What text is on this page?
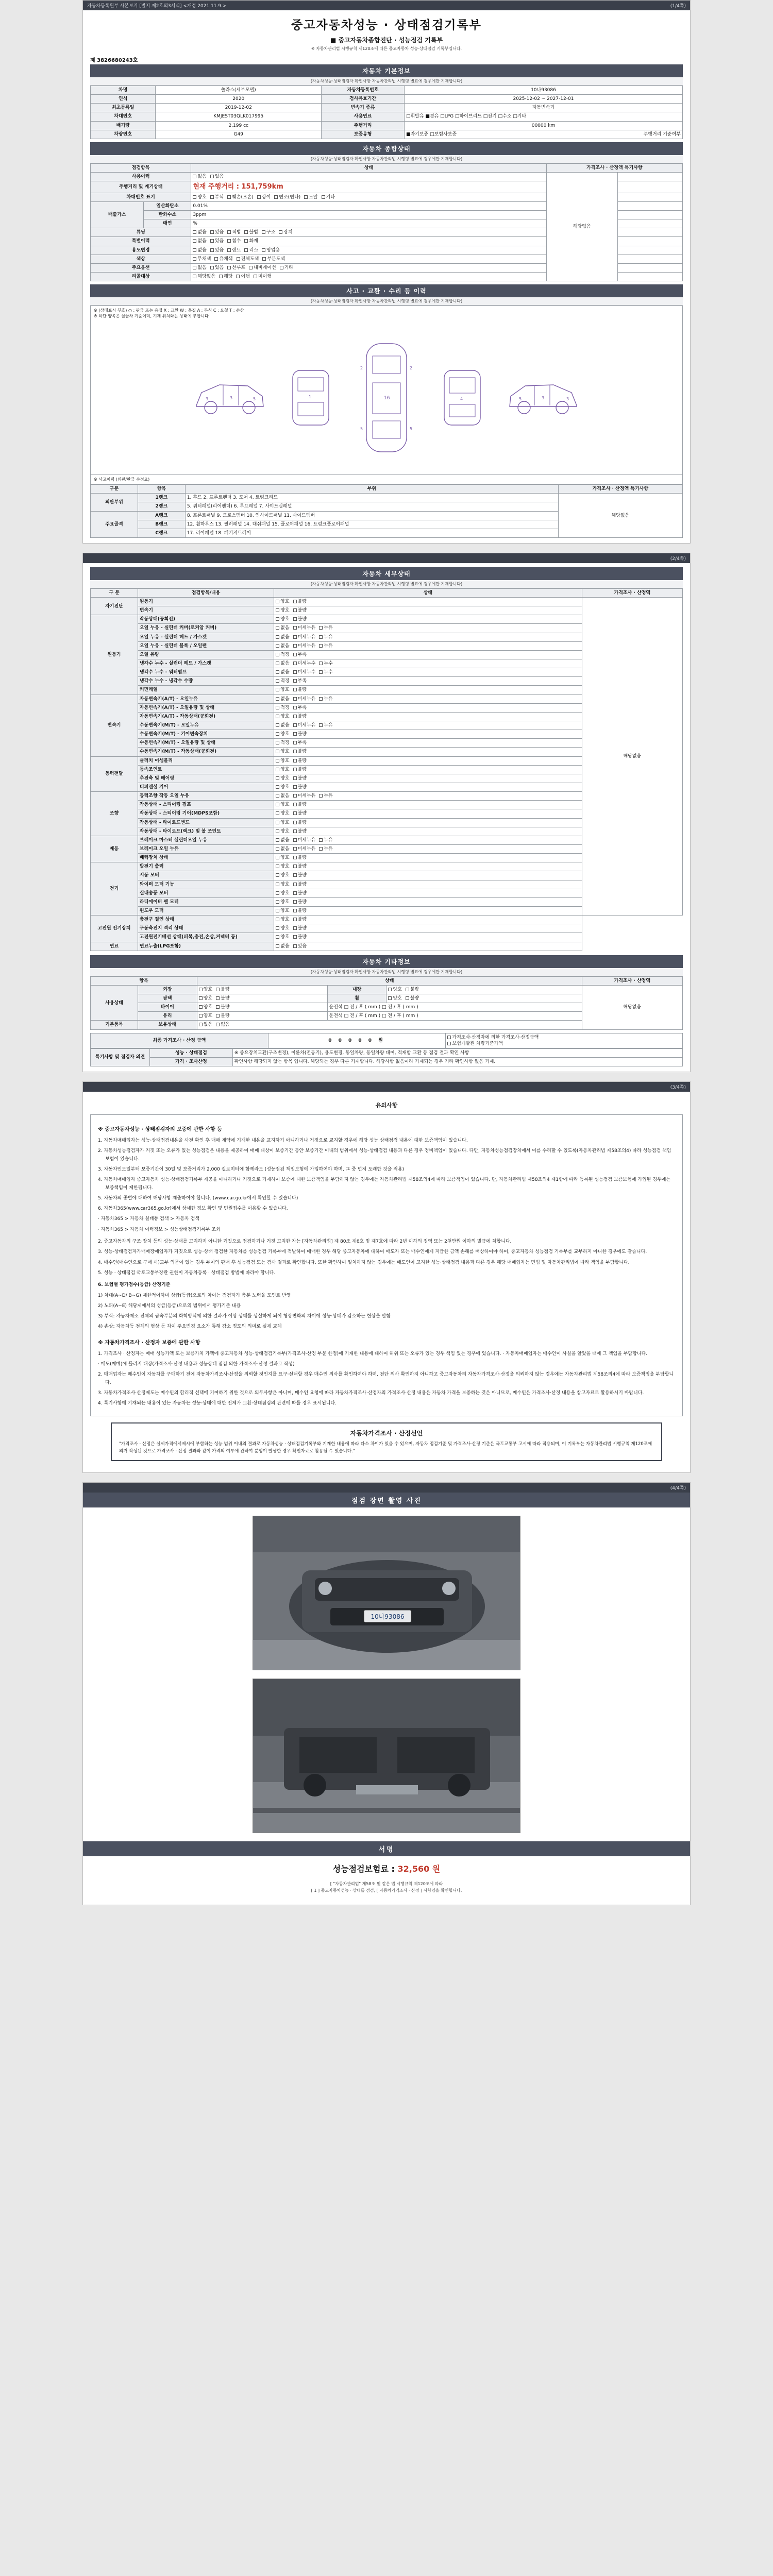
자동차등록원부 사본보기 [별지 제2호의3서식] <개정 2021.11.9.>	(1/4쪽)
중고자동차성능 · 상태점검기록부
■ 중고자동차종합진단 · 성능점검 기록부
※ 자동차관리법 시행규칙 제120조에 따른 중고자동차 성능·상태점검 기록부입니다.
제 3826680243호
자동차 기본정보
(자동차성능·상태점검자 확인사항 자동차관리법 시행령 별표에 경우에만 기재합니다)
차명	쏠라스(세부모델)	자동차등록번호	10나93086
연식	2020	검사유효기간	2025-12-02 ~ 2027-12-01
최초등록일	2019-12-02	변속기 종류	자동변속기
차대번호	KMJEST03QLK017995	사용연료	□휘발유 ■경유 □LPG □하이브리드 □전기 □수소 □기타
배기량	2,199 cc	주행거리	00000 km
차량번호	G49	보증유형	■자기보증 □보험사보증 주행거리 기준여부
자동차 종합상태
(자동차성능·상태점검자 확인사항 자동차관리법 시행령 별표에 경우에만 기재합니다)
점검항목		상태	가격조사 · 산정액 특기사항	
사용이력		없음 있음	해당없음	
주행거리 및 계기상태		현재 주행거리 : 151,759km		
차대번호 표기		양호 부식 훼손(오손) 상이 변조(변타) 도말 기타		
배출가스	일산화탄소	0.01%		
	탄화수소	3ppm		
	매연	%		
튜닝		없음 있음 적법 불법 구조 장치		
특별이력		없음 있음 침수 화재		
용도변경		없음 있음 렌트 리스 영업용		
색상		무채색 유채색 전체도색 부분도색		
주요옵션		없음 있음 선루프 내비게이션 기타		
리콜대상		해당없음 해당 이행 미이행		
사고 · 교환 · 수리 등 이력
(자동차성능·상태점검자 확인사항 자동차관리법 시행령 별표에 경우에만 기재합니다)
※ (상태표시 부호) ○ : 판금 또는 용접 X : 교환 W : 흠집 A : 부식 C : 요철 T : 손상
※ 하단 양쪽은 실물차 기준이며, 기재 위치와는 상태에 부합니다
3	3	5	1	16
2	2
5	5
4	3
3
5
※ 사고이력 (외판/판금 수정요)
구분	항목	부위	가격조사 · 산정액 특기사항
외판부위	1랭크	1. 후드 2. 프론트펜더 3. 도어 4. 트렁크리드	해당없음
	2랭크	5. 쿼터패널(리어펜더) 6. 루프패널 7. 사이드실패널	
주요골격	A랭크	8. 프론트패널 9. 크로스멤버 10. 인사이드패널 11. 사이드멤버	
	B랭크	12. 휠하우스 13. 필러패널 14. 대쉬패널 15. 플로어패널 16. 트렁크플로어패널	
	C랭크	17. 리어패널 18. 패키지트레이	
(2/4쪽)
자동차 세부상태
(자동차성능·상태점검자 확인사항 자동차관리법 시행령 별표에 경우에만 기재합니다)
구 분	점검항목/내용	상태	가격조사 · 산정액
자기진단	원동기	양호 불량	해당없음
	변속기	양호 불량	
원동기	작동상태(공회전)	양호 불량	
	오일 누유 - 실린더 커버(로커암 커버)	없음 미세누유 누유	
	오일 누유 - 실린더 헤드 / 가스켓	없음 미세누유 누유	
	오일 누유 - 실린더 블록 / 오일팬	없음 미세누유 누유	
	오일 유량	적정 부족	
	냉각수 누수 - 실린더 헤드 / 가스켓	없음 미세누수 누수	
	냉각수 누수 - 워터펌프	없음 미세누수 누수	
	냉각수 누수 - 냉각수 수량	적정 부족	
	커먼레일	양호 불량	
변속기	자동변속기(A/T) - 오일누유	없음 미세누유 누유	
	자동변속기(A/T) - 오일유량 및 상태	적정 부족	
	자동변속기(A/T) - 작동상태(공회전)	양호 불량	
	수동변속기(M/T) - 오일누유	없음 미세누유 누유	
	수동변속기(M/T) - 기어변속장치	양호 불량	
	수동변속기(M/T) - 오일유량 및 상태	적정 부족	
	수동변속기(M/T) - 작동상태(공회전)	양호 불량	
동력전달	클러치 어셈블리	양호 불량	
	등속조인트	양호 불량	
	추진축 및 베어링	양호 불량	
	디퍼렌셜 기어	양호 불량	
조향	동력조향 작동 오일 누유	없음 미세누유 누유	
	작동상태 - 스티어링 펌프	양호 불량	
	작동상태 - 스티어링 기어(MDPS포함)	양호 불량	
	작동상태 - 타이로드엔드	양호 불량	
	작동상태 - 타이로드(랙크) 및 볼 조인트	양호 불량	
제동	브레이크 마스터 실린더오일 누유	없음 미세누유 누유	
	브레이크 오일 누유	없음 미세누유 누유	
	배력장치 상태	양호 불량	
전기	발전기 출력	양호 불량	
	시동 모터	양호 불량	
	와이퍼 모터 기능	양호 불량	
	실내송풍 모터	양호 불량	
	라디에이터 팬 모터	양호 불량	
	윈도우 모터	양호 불량	
고전원 전기장치	충전구 절연 상태	양호 불량	
	구동축전지 격리 상태	양호 불량	
	고전원전기배선 상태(피복,충전,손상,커넥터 등)	양호 불량	
연료	연료누출(LPG포함)	없음 있음	
자동차 기타정보
(자동차성능·상태점검자 확인사항 자동차관리법 시행령 별표에 경우에만 기재합니다)
항목		상태			가격조사 · 산정액
사용상태	외장	양호 불량	내장	양호 불량	해당없음
	광택	양호 불량	휠	양호 불량	
	타이어	양호 불량	운전석 □ 전 / 후 ( mm ) □ 전 / 후 ( mm )		
	유리	양호 불량	운전석 □ 전 / 후 ( mm ) □ 전 / 후 ( mm )		
기본품목	보유상태	있음 없음			
최종 가격조사 · 산정 금액	0 0 0 0 0 원	가격조사·산정자에 의한 가격조사·산정금액
보험개발원 차량기준가액
특기사항 및 점검자 의견	성능 · 상태점검	※ 중요장치교환(구조변경), 이륜차(전동기), 용도변경, 동일차량, 동일차량 대여, 적재함 교환 등 점검 결과 확인 사항
	가격 · 조사산정	확인사항 해당되지 않는 항목 입니다. 해당되는 경우 다른 기재합니다. 해당사항 없음이라 기재되는 경우 기타 확인사항 없음 기재.
(3/4쪽)
유의사항
※ 중고자동차성능 · 상태점검자의 보증에 관한 사항 등
1. 자동차매매업자는 성능·상태점검내용을 사전 확인 후 매매 계약에 기재한 내용을 교지하기 아니하거나 거짓으로 교지할 경우에 해당 성능·상태점검 내용에 대한 보증책임이 있습니다.
2. 자동차성능점검자가 거짓 또는 오류가 있는 성능점검은 내용을 제공하여 매매 대상이 보증기간 동안 보증기간 이내의 범위에서 성능·상태점검 내용과 다른 경우 정비책임이 있습니다. 다만, 자동차성능점검장치에서 이를 수리할 수 있도록(자동차관리법 제58조의4) 따라 성능점검 책임보험이 있습니다.
3. 자동차인도일부터 보증기간이 30일 및 보증거리가 2,000 킬로미터에 함께라도 (성능점검 책임보험에 가입하여야 하며, 그 중 먼저 도래한 것을 적용)
4. 자동차매매업자 중고자동차 성능·상태점검기록부 제공을 아니하거나 거짓으로 기재하여 보증에 대한 보증책임을 부담하지 않는 경우에는 자동차관리법 제58조의4에 따라 보증책임이 있습니다. 단, 자동차관리법 제58조의4 제1항에 따라 등록된 성능점검 보증보험에 가입된 경우에는 보증책임이 제한됩니다.
5. 자동차의 종별에 대하여 해당사항 제출하여야 합니다. (www.car.go.kr에서 확인할 수 있습니다)
6. 자동차365(www.car365.go.kr)에서 상세한 정보 확인 및 민원접수를 이용할 수 있습니다.
· 자동차365 > 자동차 실태통 검색 > 자동차 검색
· 자동차365 > 자동차 이력정보 > 성능상태점검기록부 조회
2. 중고자동차의 구조·장치 등의 성능·상태를 고지하지 아니한 거짓으로 점검하거나 거짓 고지한 자는 [자동차관리법] 제 80조 제6호 및 제7호에 따라 2년 이하의 징역 또는 2천만원 이하의 벌금에 처합니다.
3. 성능·상태점검자가매매장에업자가 거짓으로 성능·상태 점검한 자동차를 성능점검 기록부에 적발하여 매매한 경우 해당 중고자동차에 대하여 매도자 또는 매수인에게 지급한 금액 손해를 배상하여야 하며, 중고자동차 성능점검 기록부를 교부하지 아니한 경우에도 같습니다.
4. 매수인(매수인으로 구매 시)교부 의문이 있는 경우 부여의 판매 후 성능점검 또는 검사 결과로 확인합니다. 또한 확인하여 일치하지 않는 경우에는 매도인이 고지한 성능·상태점검 내용과 다른 경우 해당 매매업자는 민법 및 자동차관리법에 따라 책임을 부담합니다.
5. 성능 · 상태점검 국토교통부장관 권한이 자동차등록 · 상태점검 방법에 따라야 합니다.
6. 보험별 평가점수(등급) 산정기준
1) 차대(A~D/ B~G) 제한적이하며 상급(등급)으로의 차이는 점검자가 충분 노력을 포인트 반영
2) 노피(A~E) 해당제에서의 성급(등급)으로의 범위에서 평가기준 내용
3) 부식: 자동차제조 전체의 금속부분의 화학방식에 의한 결과가 이상 상태를 상실하게 되어 형상변화의 차이에 성능·상태가 감소하는 현상을 말함
4) 손상: 자동차등 전체의 형상 등 차이 주요변경 요소가 통해 감소 정도의 의미로 실제 교체
※ 자동차가격조사 · 산정자 보증에 관한 사항
1. 가격조사 · 산정자는 매매 성능가액 또는 보증가치 가액에 중고자동차 성능·상태점검기록부(가격조사·산정 부문 한정)에 기재한 내용에 대하여 허위 또는 오류가 있는 경우 책임 있는 경우에 있습니다. · 자동차매매업자는 매수인이 사실을 알았을 때에 그 책임을 부담합니다.
· 매도(매매)에 들리지 대상(가격조사·산정 내용과 성능상태 점검 의한 가격조사·산정 결과로 작성)
2. 매매업자는 매수인이 자동차를 구매하기 전에 자동차가격조사·산정을 의뢰할 것인지를 요구·선택할 경우 매수인 의사를 확인하여야 하며, 전단 의사 확인하지 아니하고 중고자동차의 자동차가격조사·산정을 의뢰하지 않는 경우에는 자동차관리법 제58조의4에 따라 보증책임을 부담합니다.
3. 자동차가격조사·산정제도는 매수인의 합리적 선택에 기여하기 위한 것으로 의무사항은 아니며, 매수인 요청에 따라 자동차가격조사·산정자의 가격조사·산정 내용은 자동차 가격을 보증하는 것은 아니므로, 매수인은 가격조사·산정 내용을 참고자료로 활용하시기 바랍니다.
4. 특기사항에 기재되는 내용이 있는 자동차는 성능·상태에 대한 전체가 교환·상태점검의 관련에 따를 경우 표시됩니다.
자동차가격조사 · 산정선언
"가격조사 · 산정은 실제가격에서제시에 부합하는 성능 범위 이내의 결과로 자동차성능 · 상태점검기록부와 기재한 내용에 따라 다소 차이가 있을 수 있으며, 자동차 점검기준 및 가격조사·산정 기준은 국토교통부 고시에 따라 적용되며, 이 기록부는 자동차관리법 시행규칙 제120조에 의거 작성된 것으로 가격조사 · 산정 결과와 같이 가격의 여부에 관하여 분쟁이 발생한 경우 확인자료로 활용될 수 있습니다."
(4/4쪽)
점검 장면 촬영 사진
10나93086
서명
성능점검보험료 : 32,560 원
[ "자동차관리법" 제58조 및 같은 법 시행규칙 제120조에 따라
[ 1 ] 중고자동차성능 · 상태를 점검, [ 자동차가격조사 · 산정 ] 사항임을 확인합니다.
